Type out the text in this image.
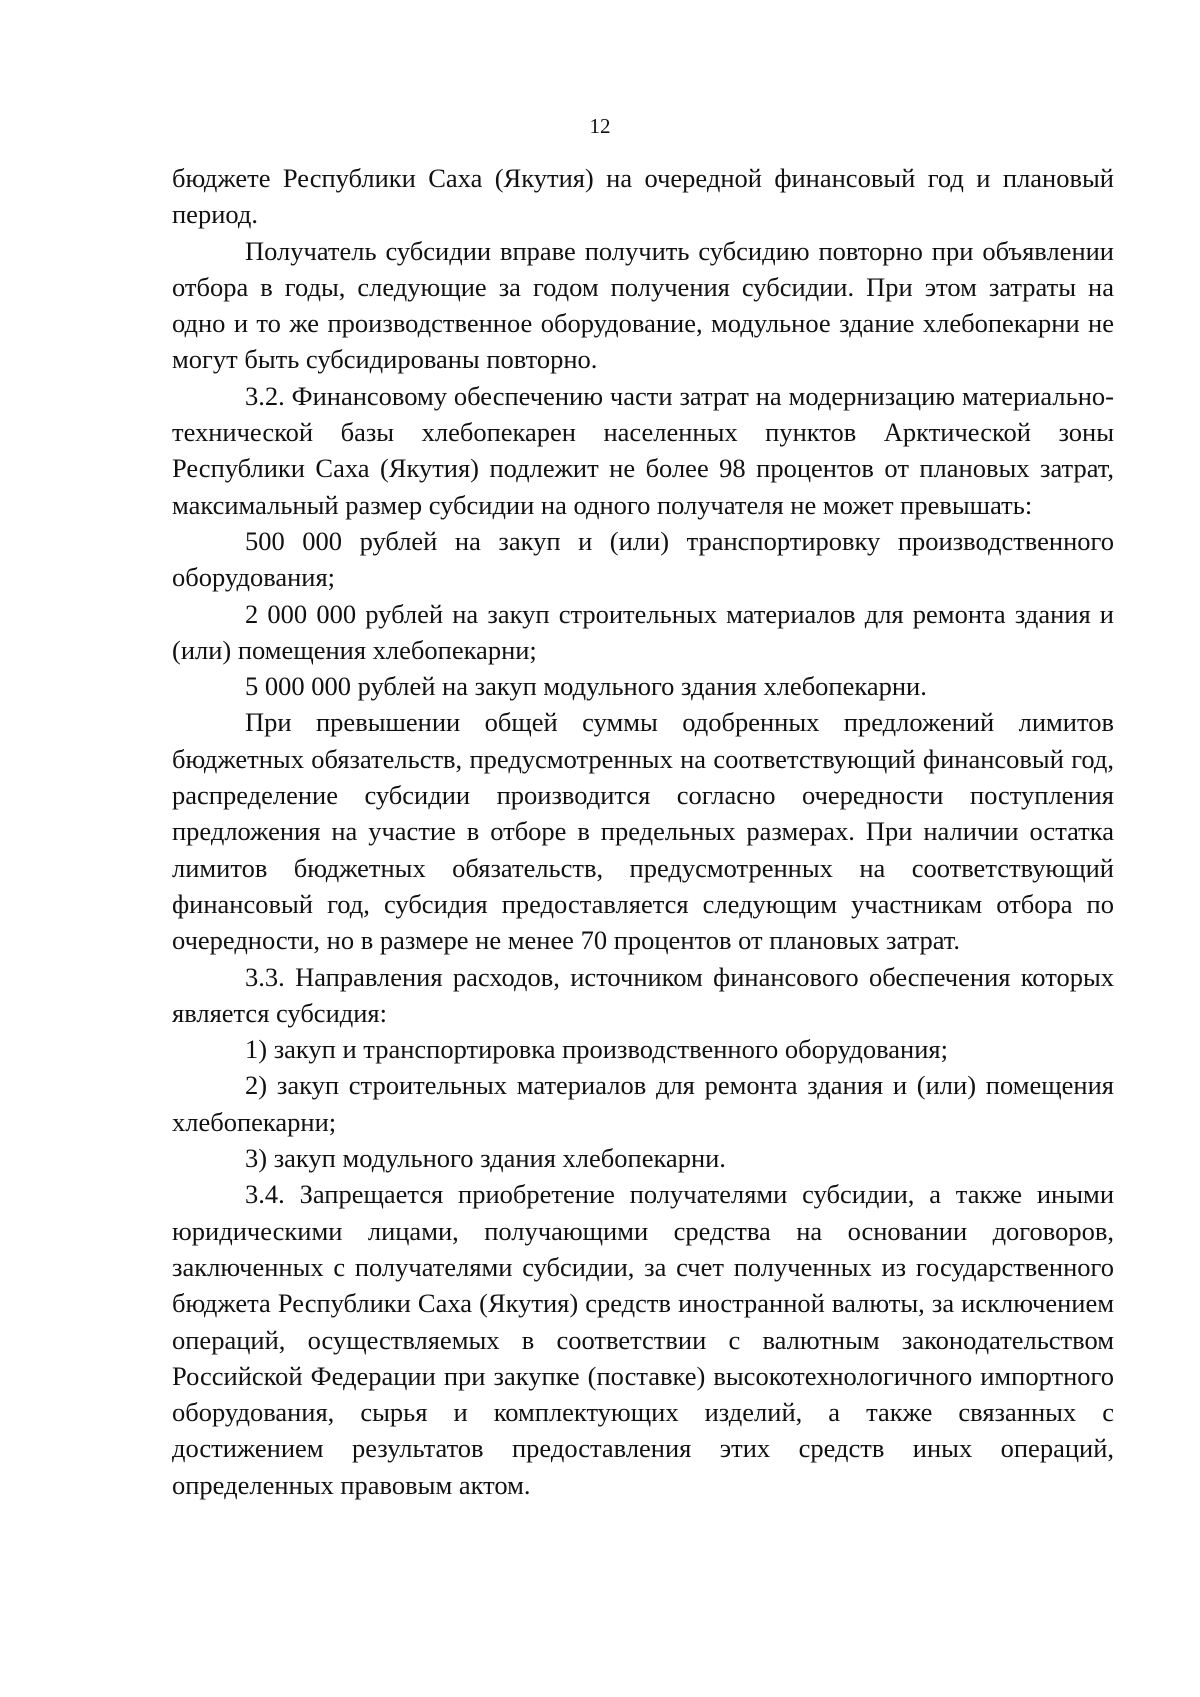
12

бюджете Республики Саха (Якутия) на очередной финансовый год и плановый период.

Получатель субсидии вправе получить субсидию повторно при объявлении отбора в годы, следующие за годом получения субсидии. При этом затраты на одно и то же производственное оборудование, модульное здание хлебопекарни не могут быть субсидированы повторно.

3.2. Финансовому обеспечению части затрат на модернизацию материально-технической базы хлебопекарен населенных пунктов Арктической зоны Республики Саха (Якутия) подлежит не более 98 процентов от плановых затрат, максимальный размер субсидии на одного получателя не может превышать:

500 000 рублей на закуп и (или) транспортировку производственного оборудования;

2 000 000 рублей на закуп строительных материалов для ремонта здания и (или) помещения хлебопекарни;

5 000 000 рублей на закуп модульного здания хлебопекарни.

При превышении общей суммы одобренных предложений лимитов бюджетных обязательств, предусмотренных на соответствующий финансовый год, распределение субсидии производится согласно очередности поступления предложения на участие в отборе в предельных размерах. При наличии остатка лимитов бюджетных обязательств, предусмотренных на соответствующий финансовый год, субсидия предоставляется следующим участникам отбора по очередности, но в размере не менее 70 процентов от плановых затрат.

3.3. Направления расходов, источником финансового обеспечения которых является субсидия:

1) закуп и транспортировка производственного оборудования;

2) закуп строительных материалов для ремонта здания и (или) помещения хлебопекарни;

3) закуп модульного здания хлебопекарни.

3.4. Запрещается приобретение получателями субсидии, а также иными юридическими лицами, получающими средства на основании договоров, заключенных с получателями субсидии, за счет полученных из государственного бюджета Республики Саха (Якутия) средств иностранной валюты, за исключением операций, осуществляемых в соответствии с валютным законодательством Российской Федерации при закупке (поставке) высокотехнологичного импортного оборудования, сырья и комплектующих изделий, а также связанных с достижением результатов предоставления этих средств иных операций, определенных правовым актом.
